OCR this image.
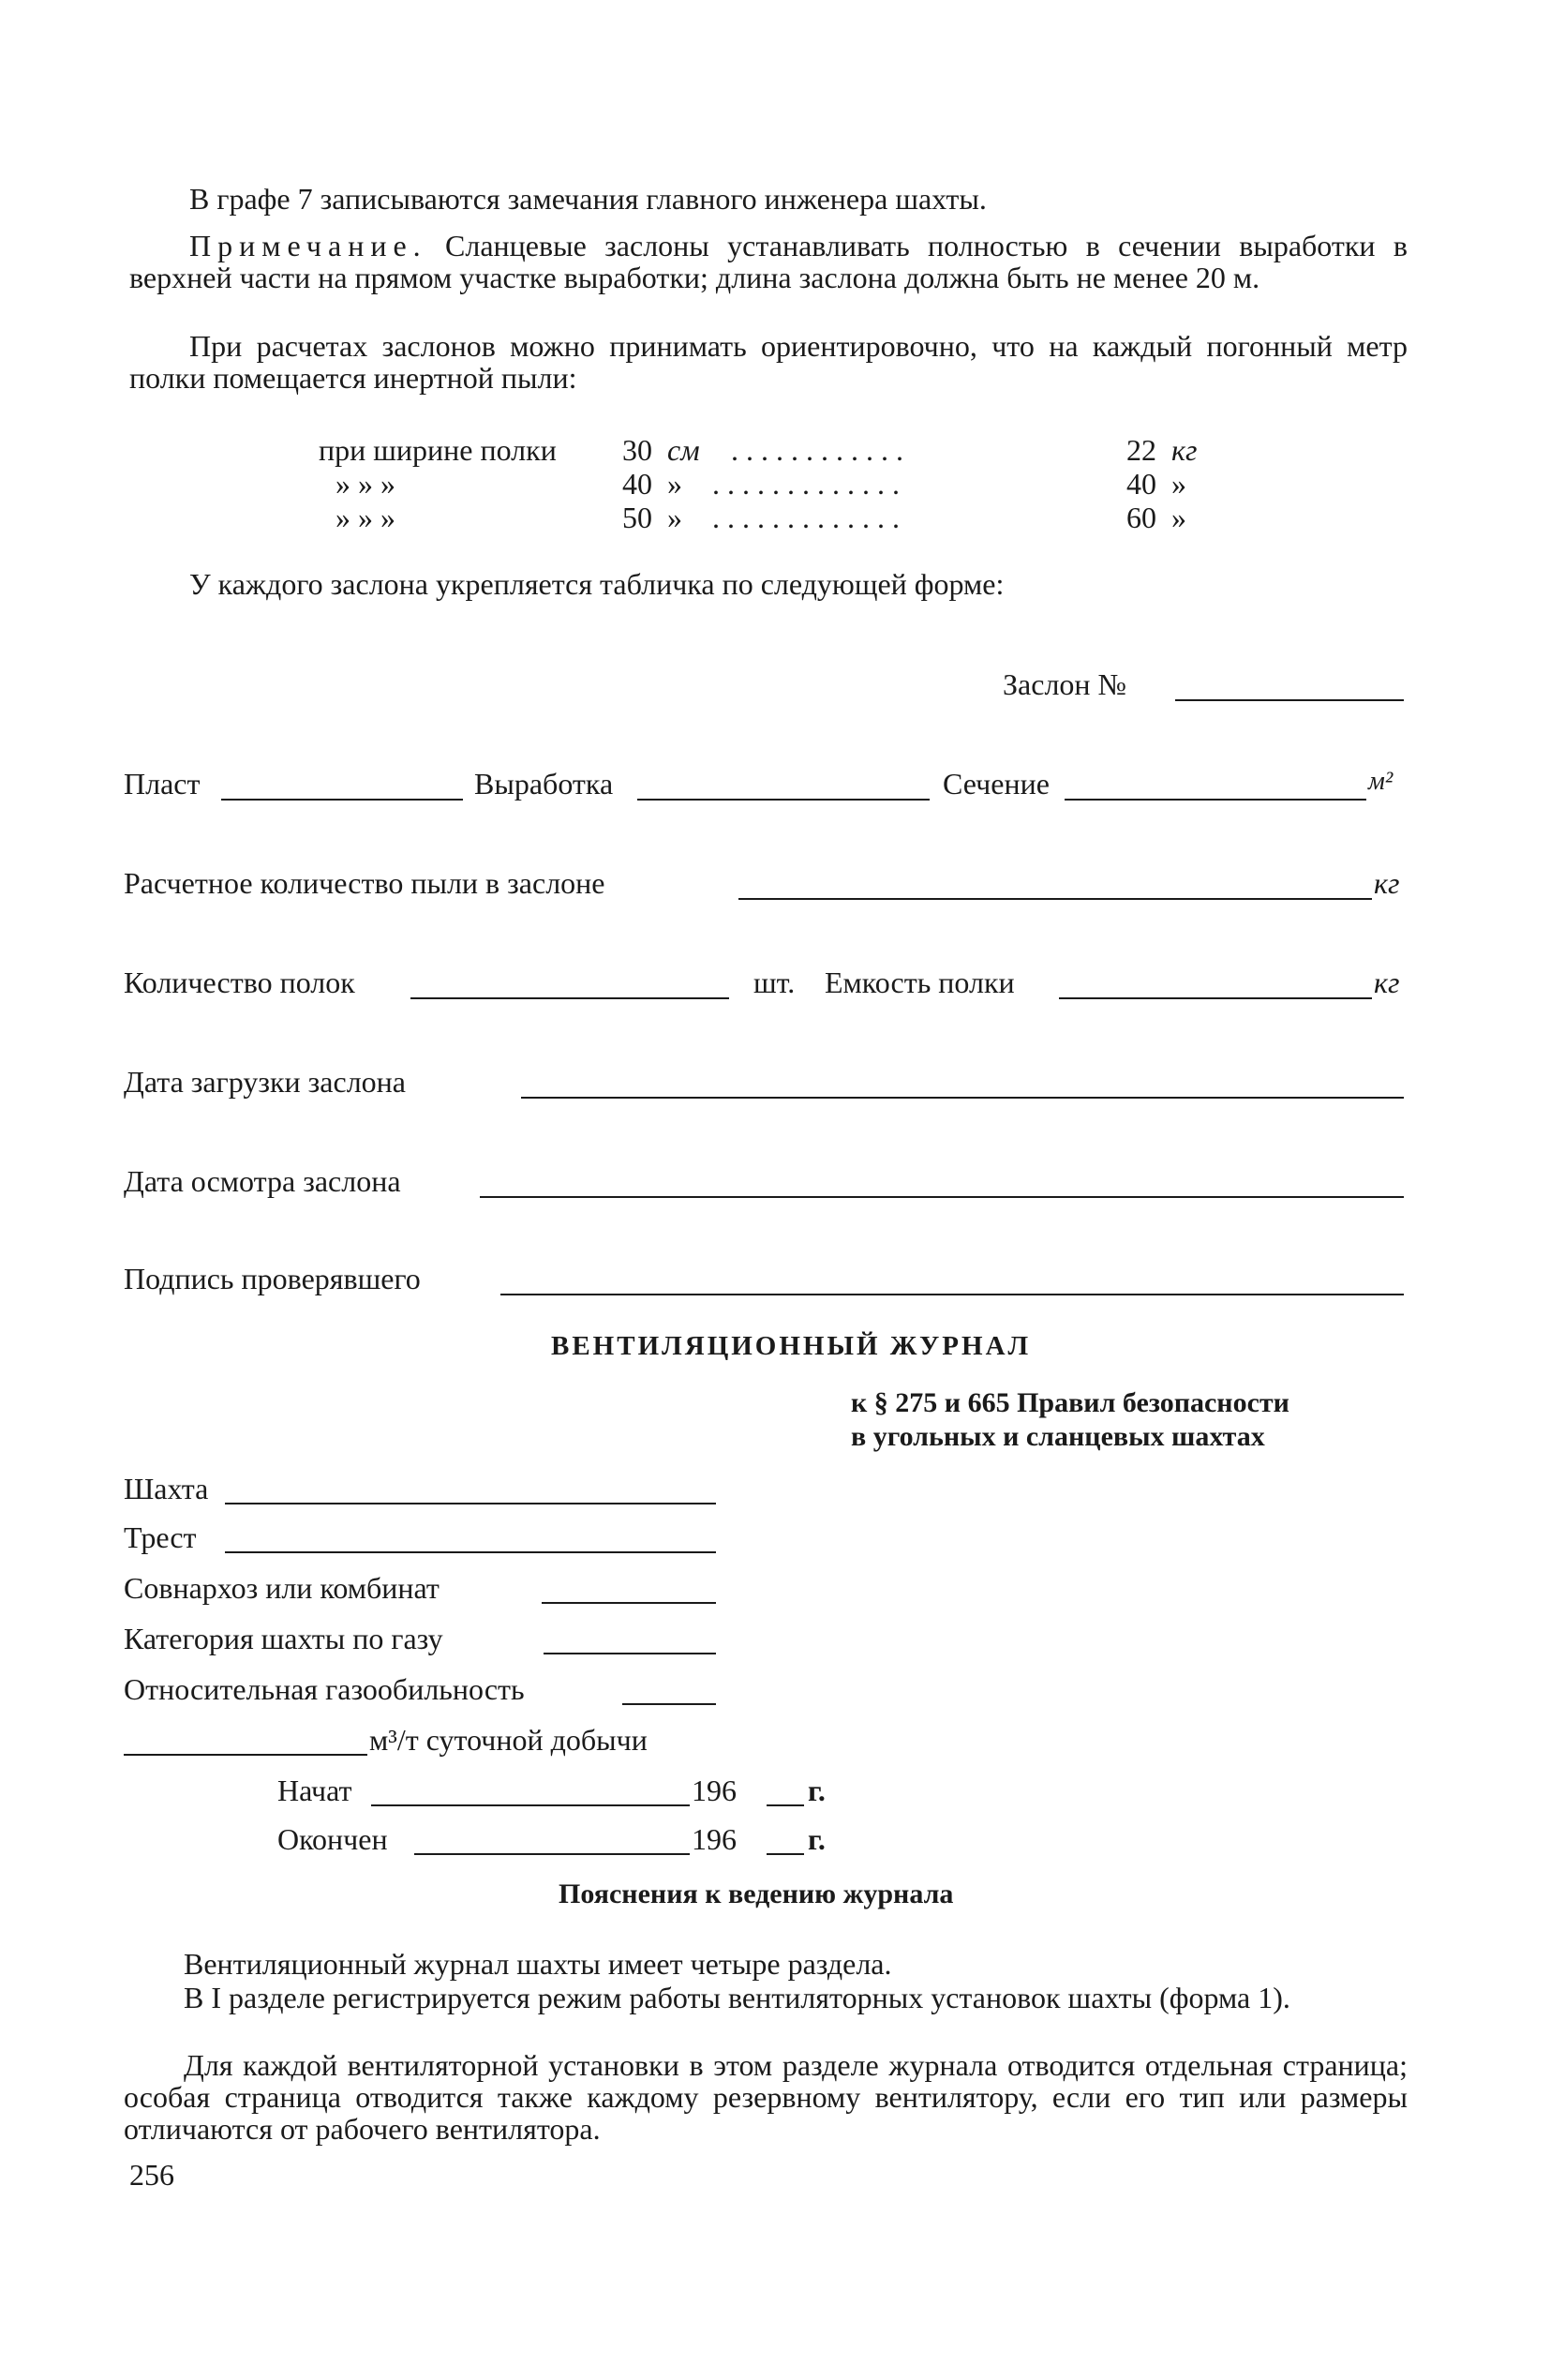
В графе 7 записываются замечания главного инженера шахты.
Примечание. Сланцевые заслоны устанавливать полностью в сечении выработки в верхней части на прямом участке выработки; длина заслона должна быть не менее 20 м.
При расчетах заслонов можно принимать ориентировочно, что на каждый погонный метр полки помещается инертной пыли:
при ширине полки 30 см . . . . . . . . . . . .	22 кг
» » »	40 » . . . . . . . . . . . . .	40 »
» » »	50 » . . . . . . . . . . . . .	60 »
У каждого заслона укрепляется табличка по следующей форме:
Заслон №
Пласт	Выработка	Сечение	м²
Расчетное количество пыли в заслоне	кг
Количество полок	шт. Емкость полки	кг
Дата загрузки заслона
Дата осмотра заслона
Подпись проверявшего
ВЕНТИЛЯЦИОННЫЙ ЖУРНАЛ
к § 275 и 665 Правил безопасности
в угольных и сланцевых шахтах
Шахта
Трест
Совнархоз или комбинат
Категория шахты по газу
Относительная газообильность
м³/т суточной добычи
Начат	196 г.
Окончен	196 г.
Пояснения к ведению журнала
Вентиляционный журнал шахты имеет четыре раздела.
В I разделе регистрируется режим работы вентиляторных установок шахты (форма 1).
Для каждой вентиляторной установки в этом разделе журнала отводится отдельная страница; особая страница отводится также каждому резервному вентилятору, если его тип или размеры отличаются от рабочего вентилятора.
256
